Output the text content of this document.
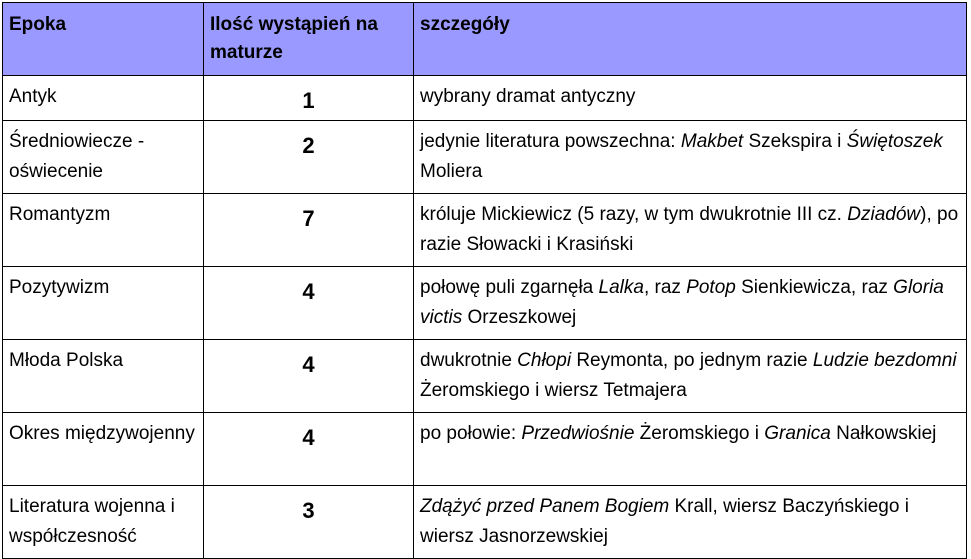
Epoka	Ilość wystąpień na maturze	szczegóły
Antyk	1	wybrany dramat antyczny
Średniowiecze - oświecenie	2	jedynie literatura powszechna: Makbet Szekspira i Świętoszek Moliera
Romantyzm	7	króluje Mickiewicz (5 razy, w tym dwukrotnie III cz. Dziadów), po razie Słowacki i Krasiński
Pozytywizm	4	połowę puli zgarnęła Lalka, raz Potop Sienkiewicza, raz Gloria victis Orzeszkowej
Młoda Polska	4	dwukrotnie Chłopi Reymonta, po jednym razie Ludzie bezdomni Żeromskiego i wiersz Tetmajera
Okres międzywojenny	4	po połowie: Przedwiośnie Żeromskiego i Granica Nałkowskiej
Literatura wojenna i współczesność	3	Zdążyć przed Panem Bogiem Krall, wiersz Baczyńskiego i wiersz Jasnorzewskiej
